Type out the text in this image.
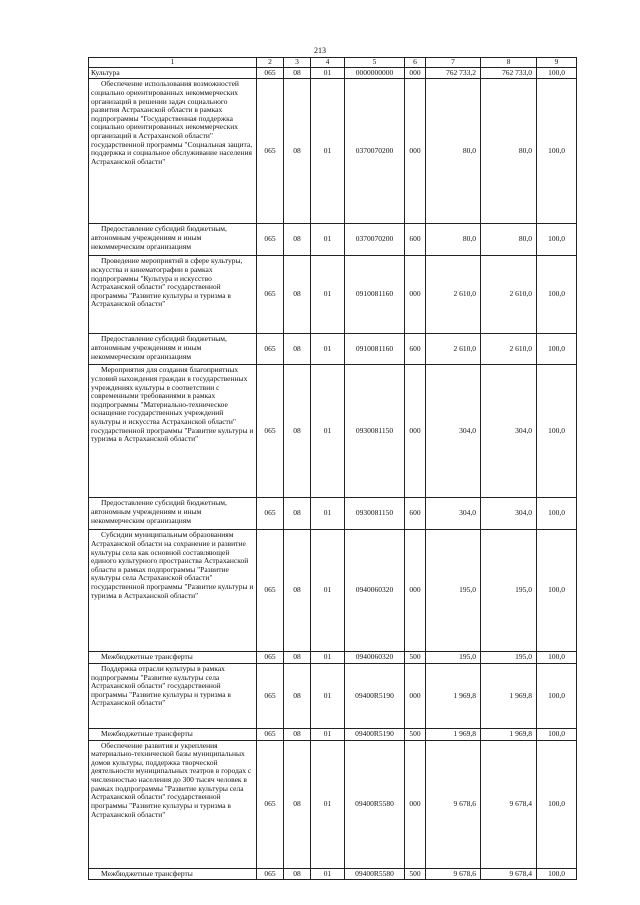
213
1	2	3	4	5	6	7	8	9
Культура	065	08	01	0000000000	000	762 733,2	762 733,0	100,0
Обеспечение использования возможностей социально ориентированных некоммерческих организаций в решении задач социального развития Астраханской области в рамках подпрограммы "Государственная поддержка социально ориентированных некоммерческих организаций в Астраханской области" государственной программы "Социальная защита, поддержка и социальное обслуживание населения Астраханской области"	065	08	01	0370070200	000	80,0	80,0	100,0
Предоставление субсидий бюджетным, автономным учреждениям и иным некоммерческим организациям	065	08	01	0370070200	600	80,0	80,0	100,0
Проведение мероприятий в сфере культуры, искусства и кинематографии в рамках подпрограммы "Культура и искусство Астраханской области" государственной программы "Развитие культуры и туризма в Астраханской области"	065	08	01	0910081160	000	2 610,0	2 610,0	100,0
Предоставление субсидий бюджетным, автономным учреждениям и иным некоммерческим организациям	065	08	01	0910081160	600	2 610,0	2 610,0	100,0
Мероприятия для создания благоприятных условий нахождения граждан в государственных учреждениях культуры в соответствии с современными требованиями в рамках подпрограммы "Материально-техническое оснащение государственных учреждений культуры и искусства Астраханской области" государственной программы "Развитие культуры и туризма в Астраханской области"	065	08	01	0930081150	000	304,0	304,0	100,0
Предоставление субсидий бюджетным, автономным учреждениям и иным некоммерческим организациям	065	08	01	0930081150	600	304,0	304,0	100,0
Субсидии муниципальным образованиям Астраханской области на сохранение и развитие культуры села как основной составляющей единого культурного пространства Астраханской области в рамках подпрограммы "Развитие культуры села Астраханской области" государственной программы "Развитие культуры и туризма в Астраханской области"	065	08	01	0940060320	000	195,0	195,0	100,0
Межбюджетные трансферты	065	08	01	0940060320	500	195,0	195,0	100,0
Поддержка отрасли культуры в рамках подпрограммы "Развитие культуры села Астраханской области" государственной программы "Развитие культуры и туризма в Астраханской области"	065	08	01	09400R5190	000	1 969,8	1 969,8	100,0
Межбюджетные трансферты	065	08	01	09400R5190	500	1 969,8	1 969,8	100,0
Обеспечение развития и укрепления материально-технической базы муниципальных домов культуры, поддержка творческой деятельности муниципальных театров в городах с численностью населения до 300 тысяч человек в рамках подпрограммы "Развитие культуры села Астраханской области" государственной программы "Развитие культуры и туризма в Астраханской области"	065	08	01	09400R5580	000	9 678,6	9 678,4	100,0
Межбюджетные трансферты	065	08	01	09400R5580	500	9 678,6	9 678,4	100,0
